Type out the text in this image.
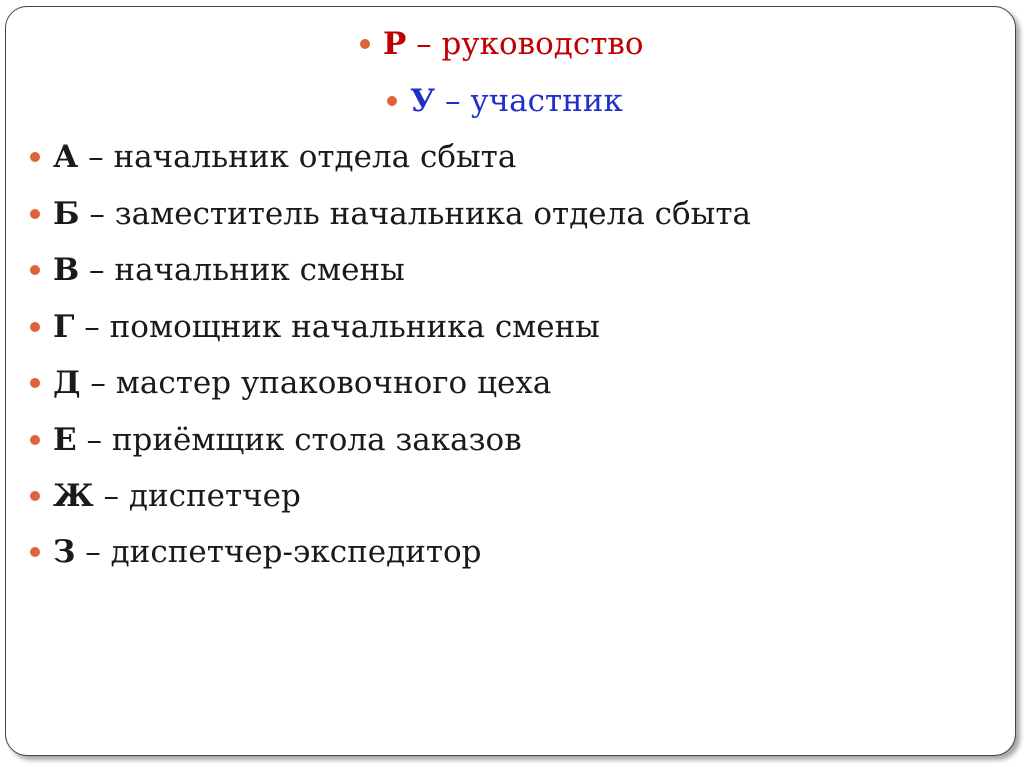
Р – руководство
У – участник
А – начальник отдела сбыта
Б – заместитель начальника отдела сбыта
В – начальник смены
Г – помощник начальника смены
Д – мастер упаковочного цеха
Е – приёмщик стола заказов
Ж – диспетчер
З – диспетчер-экспедитор
